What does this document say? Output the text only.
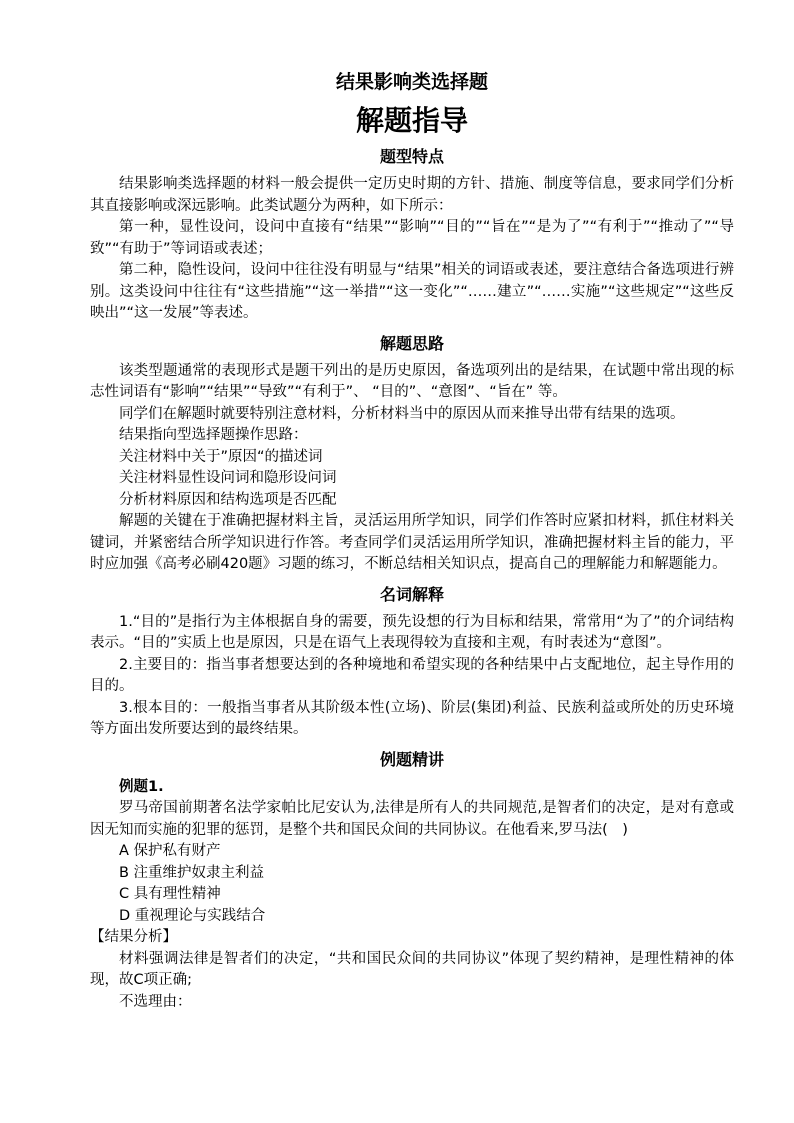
结果影响类选择题
解题指导
题型特点

结果影响类选择题的材料一般会提供一定历史时期的方针、措施、制度等信息，要求同学们分析其直接影响或深远影响。此类试题分为两种，如下所示：

第一种，显性设问，设问中直接有“结果”“影响”“目的”“旨在”“是为了”“有利于”“推动了”“导致”“有助于”等词语或表述；

第二种，隐性设问，设问中往往没有明显与“结果”相关的词语或表述，要注意结合备选项进行辨别。这类设问中往往有“这些措施”“这一举措”“这一变化”“……建立”“……实施”“这些规定”“这些反映出”“这一发展”等表述。

解题思路

该类型题通常的表现形式是题干列出的是历史原因，备选项列出的是结果，在试题中常出现的标志性词语有“影响”“结果”“导致”“有利于”、 “目的”、“意图”、“旨在” 等。

同学们在解题时就要特别注意材料，分析材料当中的原因从而来推导出带有结果的选项。

结果指向型选择题操作思路：

关注材料中关于”原因“的描述词

关注材料显性设问词和隐形设问词

分析材料原因和结构选项是否匹配

解题的关键在于准确把握材料主旨，灵活运用所学知识，同学们作答时应紧扣材料，抓住材料关键词，并紧密结合所学知识进行作答。考查同学们灵活运用所学知识，准确把握材料主旨的能力，平时应加强《高考必刷420题》习题的练习，不断总结相关知识点，提高自己的理解能力和解题能力。

名词解释

1.“目的”是指行为主体根据自身的需要，预先设想的行为目标和结果，常常用“为了”的介词结构表示。“目的”实质上也是原因，只是在语气上表现得较为直接和主观，有时表述为“意图”。

2.主要目的：指当事者想要达到的各种境地和希望实现的各种结果中占支配地位，起主导作用的目的。

3.根本目的：一般指当事者从其阶级本性(立场)、阶层(集团)利益、民族利益或所处的历史环境等方面出发所要达到的最终结果。

例题精讲

例题1.

罗马帝国前期著名法学家帕比尼安认为,法律是所有人的共同规范,是智者们的决定，是对有意或因无知而实施的犯罪的惩罚，是整个共和国民众间的共同协议。在他看来,罗马法(　)

A 保护私有财产

B 注重维护奴隶主利益

C 具有理性精神

D 重视理论与实践结合

【结果分析】

材料强调法律是智者们的决定，“共和国民众间的共同协议”体现了契约精神，是理性精神的体现，故C项正确;

不选理由：
